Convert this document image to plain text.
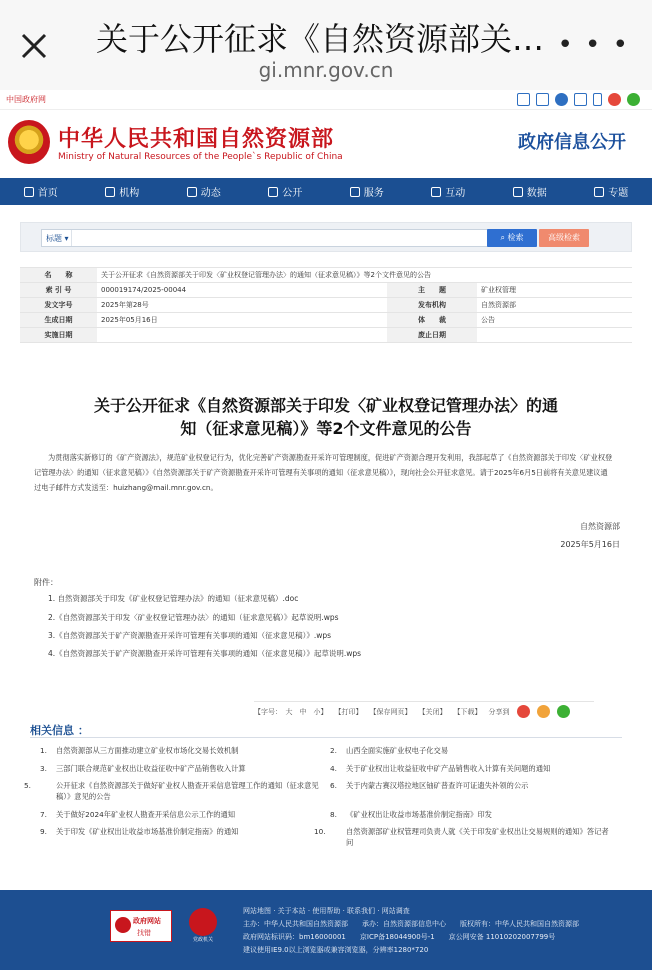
关于公开征求《自然资源部关…
gi.mnr.gov.cn
• • •
中国政府网
中华人民共和国自然资源部
Ministry of Natural Resources of the People`s Republic of China
政府信息公开
首页	机构	动态	公开	服务	互动	数据	专题
标题 ▾	⌕ 检索	高级检索
名　　称	关于公开征求《自然资源部关于印发〈矿业权登记管理办法〉的通知（征求意见稿）》等2个文件意见的公告		
索 引 号	000019174/2025-00044	主　　题	矿业权管理
发文字号	2025年第28号	发布机构	自然资源部
生成日期	2025年05月16日	体　　裁	公告
实施日期		废止日期	
关于公开征求《自然资源部关于印发〈矿业权登记管理办法〉的通知（征求意见稿）》等2个文件意见的公告
为贯彻落实新修订的《矿产资源法》，规范矿业权登记行为，优化完善矿产资源勘查开采许可管理制度，促进矿产资源合理开发利用，我部起草了《自然资源部关于印发〈矿业权登记管理办法〉的通知（征求意见稿）》《自然资源部关于矿产资源勘查开采许可管理有关事项的通知（征求意见稿）》，现向社会公开征求意见。请于2025年6月5日前将有关意见建议通过电子邮件方式发送至：huizhang@mail.mnr.gov.cn。
自然资源部
2025年5月16日
附件：
1. 自然资源部关于印发《矿业权登记管理办法》的通知（征求意见稿）.doc
2.《自然资源部关于印发〈矿业权登记管理办法〉的通知（征求意见稿）》起草说明.wps
3.《自然资源部关于矿产资源勘查开采许可管理有关事项的通知（征求意见稿）》.wps
4.《自然资源部关于矿产资源勘查开采许可管理有关事项的通知（征求意见稿）》起草说明.wps
【字号：　大　中　小】 【打印】 【保存网页】 【关闭】 【下载】 分享到
相关信息 ：
1. 自然资源部从三方面推动建立矿业权市场化交易长效机制
3. 三部门联合规范矿业权出让收益征收中矿产品销售收入计算
5.	公开征求《自然资源部关于做好矿业权人勘查开采信息管理工作的通知（征求意见稿）》意见的公告
7. 关于做好2024年矿业权人勘查开采信息公示工作的通知
9. 关于印发《矿业权出让收益市场基准价制定指南》的通知
2. 山西全面实施矿业权电子化交易
4. 关于矿业权出让收益征收中矿产品销售收入计算有关问题的通知
6. 关于内蒙古赛汉塔拉地区铀矿普查许可证遗失补领的公示
8. 《矿业权出让收益市场基准价制定指南》印发
10.	自然资源部矿业权管理司负责人就《关于印发矿业权出让交易规则的通知》答记者问
政府网站
找错
党政机关
网站地图 · 关于本站 · 使用帮助 · 联系我们 · 网站调查
主办：中华人民共和国自然资源部　　承办：自然资源部信息中心　　版权所有：中华人民共和国自然资源部
政府网站标识码：bm16000001　　京ICP备18044900号-1　　京公网安备 11010202007799号
建议使用IE9.0以上浏览器或兼容浏览器，分辨率1280*720
